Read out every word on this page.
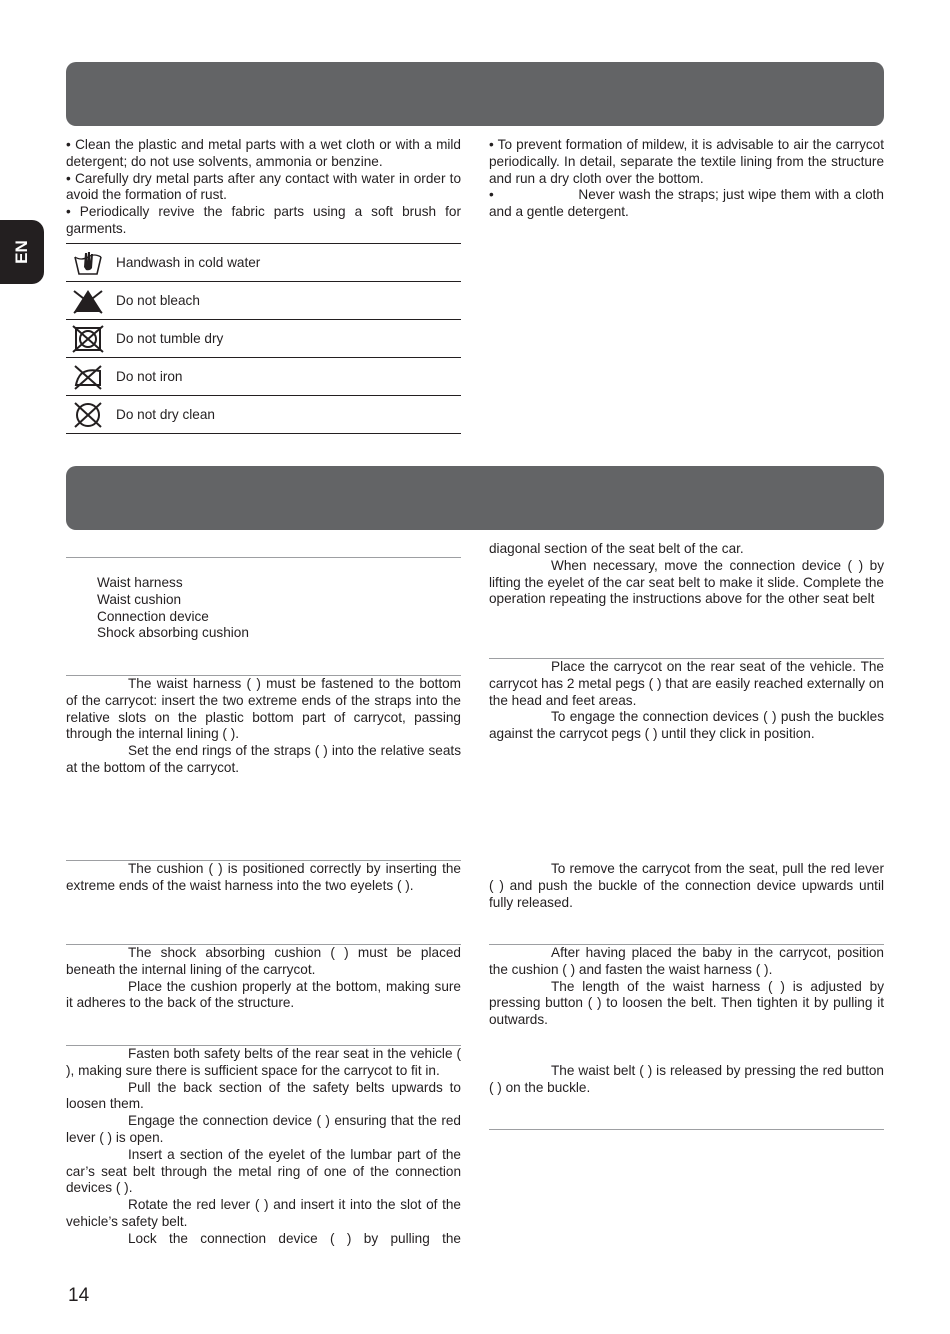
EN

• Clean the plastic and metal parts with a wet cloth or with a mild detergent; do not use solvents, ammonia or benzine.

• Carefully dry metal parts after any contact with water in order to avoid the formation of rust.

• Periodically revive the fabric parts using a soft brush for garments.

Handwash in cold water
Do not bleach
Do not tumble dry
Do not iron
Do not dry clean

• To prevent formation of mildew, it is advisable to air the carrycot periodically. In detail, separate the textile lining from the structure and run a dry cloth over the bottom.

•                    Never wash the straps; just wipe them with a cloth and a gentle detergent.

Waist harness

Waist cushion

Connection device

Shock absorbing cushion

The waist harness ( ) must be fastened to the bottom of the carrycot: insert the two extreme ends of the straps into the relative slots on the plastic bottom part of carrycot, passing through the internal lining ( ).

Set the end rings of the straps ( ) into the relative seats at the bottom of the carrycot.

The cushion ( ) is positioned correctly by inserting the extreme ends of the waist harness into the two eyelets ( ).

The shock absorbing cushion ( ) must be placed beneath the internal lining of the carrycot.

Place the cushion properly at the bottom, making sure it adheres to the back of the structure.

Fasten both safety belts of the rear seat in the vehicle ( ), making sure there is sufficient space for the carrycot to fit in.

Pull the back section of the safety belts upwards to loosen them.

Engage the connection device ( ) ensuring that the red lever ( ) is open.

Insert a section of the eyelet of the lumbar part of the car’s seat belt through the metal ring of one of the connection devices ( ).

Rotate the red lever ( ) and insert it into the slot of the vehicle’s safety belt.

Lock the connection device ( ) by pulling the

diagonal section of the seat belt of the car.

When necessary, move the connection device ( ) by lifting the eyelet of the car seat belt to make it slide. Complete the operation repeating the instructions above for the other seat belt

Place the carrycot on the rear seat of the vehicle. The carrycot has 2 metal pegs ( ) that are easily reached externally on the head and feet areas.

To engage the connection devices ( ) push the buckles against the carrycot pegs ( ) until they click in position.

To remove the carrycot from the seat, pull the red lever ( ) and push the buckle of the connection device upwards until fully released.

After having placed the baby in the carrycot, position the cushion ( ) and fasten the waist harness ( ).

The length of the waist harness ( ) is adjusted by pressing button ( ) to loosen the belt. Then tighten it by pulling it outwards.

The waist belt ( ) is released by pressing the red button ( ) on the buckle.

14
